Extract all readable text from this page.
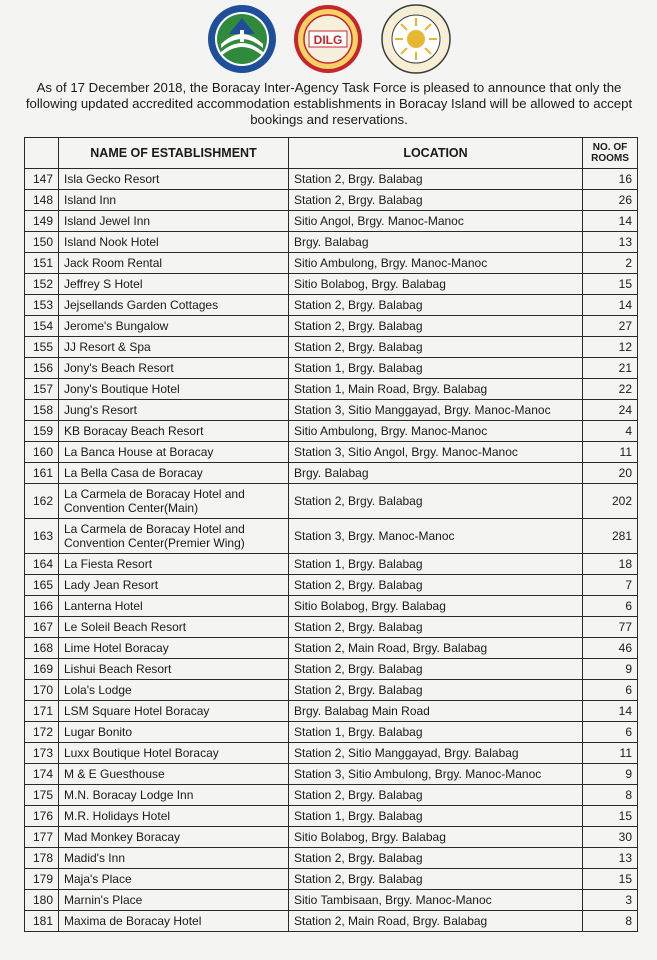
DILG
As of 17 December 2018, the Boracay Inter-Agency Task Force is pleased to announce that only the following updated accredited accommodation establishments in Boracay Island will be allowed to accept bookings and reservations.
	NAME OF ESTABLISHMENT	LOCATION	NO. OF ROOMS
147	Isla Gecko Resort	Station 2, Brgy. Balabag	16
148	Island Inn	Station 2, Brgy. Balabag	26
149	Island Jewel Inn	Sitio Angol, Brgy. Manoc-Manoc	14
150	Island Nook Hotel	Brgy. Balabag	13
151	Jack Room Rental	Sitio Ambulong, Brgy. Manoc-Manoc	2
152	Jeffrey S Hotel	Sitio Bolabog, Brgy. Balabag	15
153	Jejsellands Garden Cottages	Station 2, Brgy. Balabag	14
154	Jerome's Bungalow	Station 2, Brgy. Balabag	27
155	JJ Resort & Spa	Station 2, Brgy. Balabag	12
156	Jony's Beach Resort	Station 1, Brgy. Balabag	21
157	Jony's Boutique Hotel	Station 1, Main Road, Brgy. Balabag	22
158	Jung's Resort	Station 3, Sitio Manggayad, Brgy. Manoc-Manoc	24
159	KB Boracay Beach Resort	Sitio Ambulong, Brgy. Manoc-Manoc	4
160	La Banca House at Boracay	Station 3, Sitio Angol, Brgy. Manoc-Manoc	11
161	La Bella Casa de Boracay	Brgy. Balabag	20
162	La Carmela de Boracay Hotel and Convention Center(Main)	Station 2, Brgy. Balabag	202
163	La Carmela de Boracay Hotel and Convention Center(Premier Wing)	Station 3, Brgy. Manoc-Manoc	281
164	La Fiesta Resort	Station 1, Brgy. Balabag	18
165	Lady Jean Resort	Station 2, Brgy. Balabag	7
166	Lanterna Hotel	Sitio Bolabog, Brgy. Balabag	6
167	Le Soleil Beach Resort	Station 2, Brgy. Balabag	77
168	Lime Hotel Boracay	Station 2, Main Road, Brgy. Balabag	46
169	Lishui Beach Resort	Station 2, Brgy. Balabag	9
170	Lola's Lodge	Station 2, Brgy. Balabag	6
171	LSM Square Hotel Boracay	Brgy. Balabag Main Road	14
172	Lugar Bonito	Station 1, Brgy. Balabag	6
173	Luxx Boutique Hotel Boracay	Station 2, Sitio Manggayad, Brgy. Balabag	11
174	M & E Guesthouse	Station 3, Sitio Ambulong, Brgy. Manoc-Manoc	9
175	M.N. Boracay Lodge Inn	Station 2, Brgy. Balabag	8
176	M.R. Holidays Hotel	Station 1, Brgy. Balabag	15
177	Mad Monkey Boracay	Sitio Bolabog, Brgy. Balabag	30
178	Madid's Inn	Station 2, Brgy. Balabag	13
179	Maja's Place	Station 2, Brgy. Balabag	15
180	Marnin's Place	Sitio Tambisaan, Brgy. Manoc-Manoc	3
181	Maxima de Boracay Hotel	Station 2, Main Road, Brgy. Balabag	8
